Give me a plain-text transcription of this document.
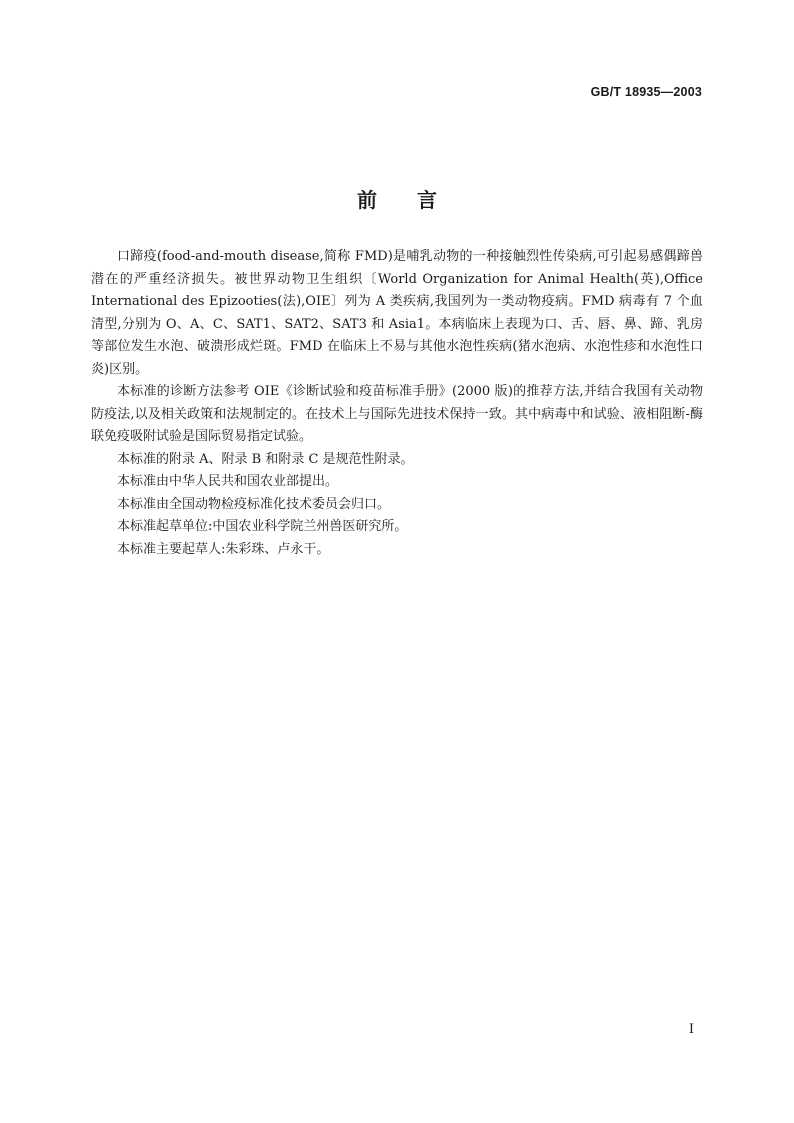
GB/T 18935—2003
前言

口蹄疫(food-and-mouth disease,简称 FMD)是哺乳动物的一种接触烈性传染病,可引起易感偶蹄兽潜在的严重经济损失。被世界动物卫生组织〔World Organization for Animal Health(英),Office International des Epizooties(法),OIE〕列为 A 类疾病,我国列为一类动物疫病。FMD 病毒有 7 个血清型,分别为 O、A、C、SAT1、SAT2、SAT3 和 Asia1。本病临床上表现为口、舌、唇、鼻、蹄、乳房等部位发生水泡、破溃形成烂斑。FMD 在临床上不易与其他水泡性疾病(猪水泡病、水泡性疹和水泡性口炎)区别。

本标准的诊断方法参考 OIE《诊断试验和疫苗标准手册》(2000 版)的推荐方法,并结合我国有关动物防疫法,以及相关政策和法规制定的。在技术上与国际先进技术保持一致。其中病毒中和试验、液相阻断-酶联免疫吸附试验是国际贸易指定试验。

本标准的附录 A、附录 B 和附录 C 是规范性附录。

本标准由中华人民共和国农业部提出。

本标准由全国动物检疫标准化技术委员会归口。

本标准起草单位:中国农业科学院兰州兽医研究所。

本标准主要起草人:朱彩珠、卢永干。

I
